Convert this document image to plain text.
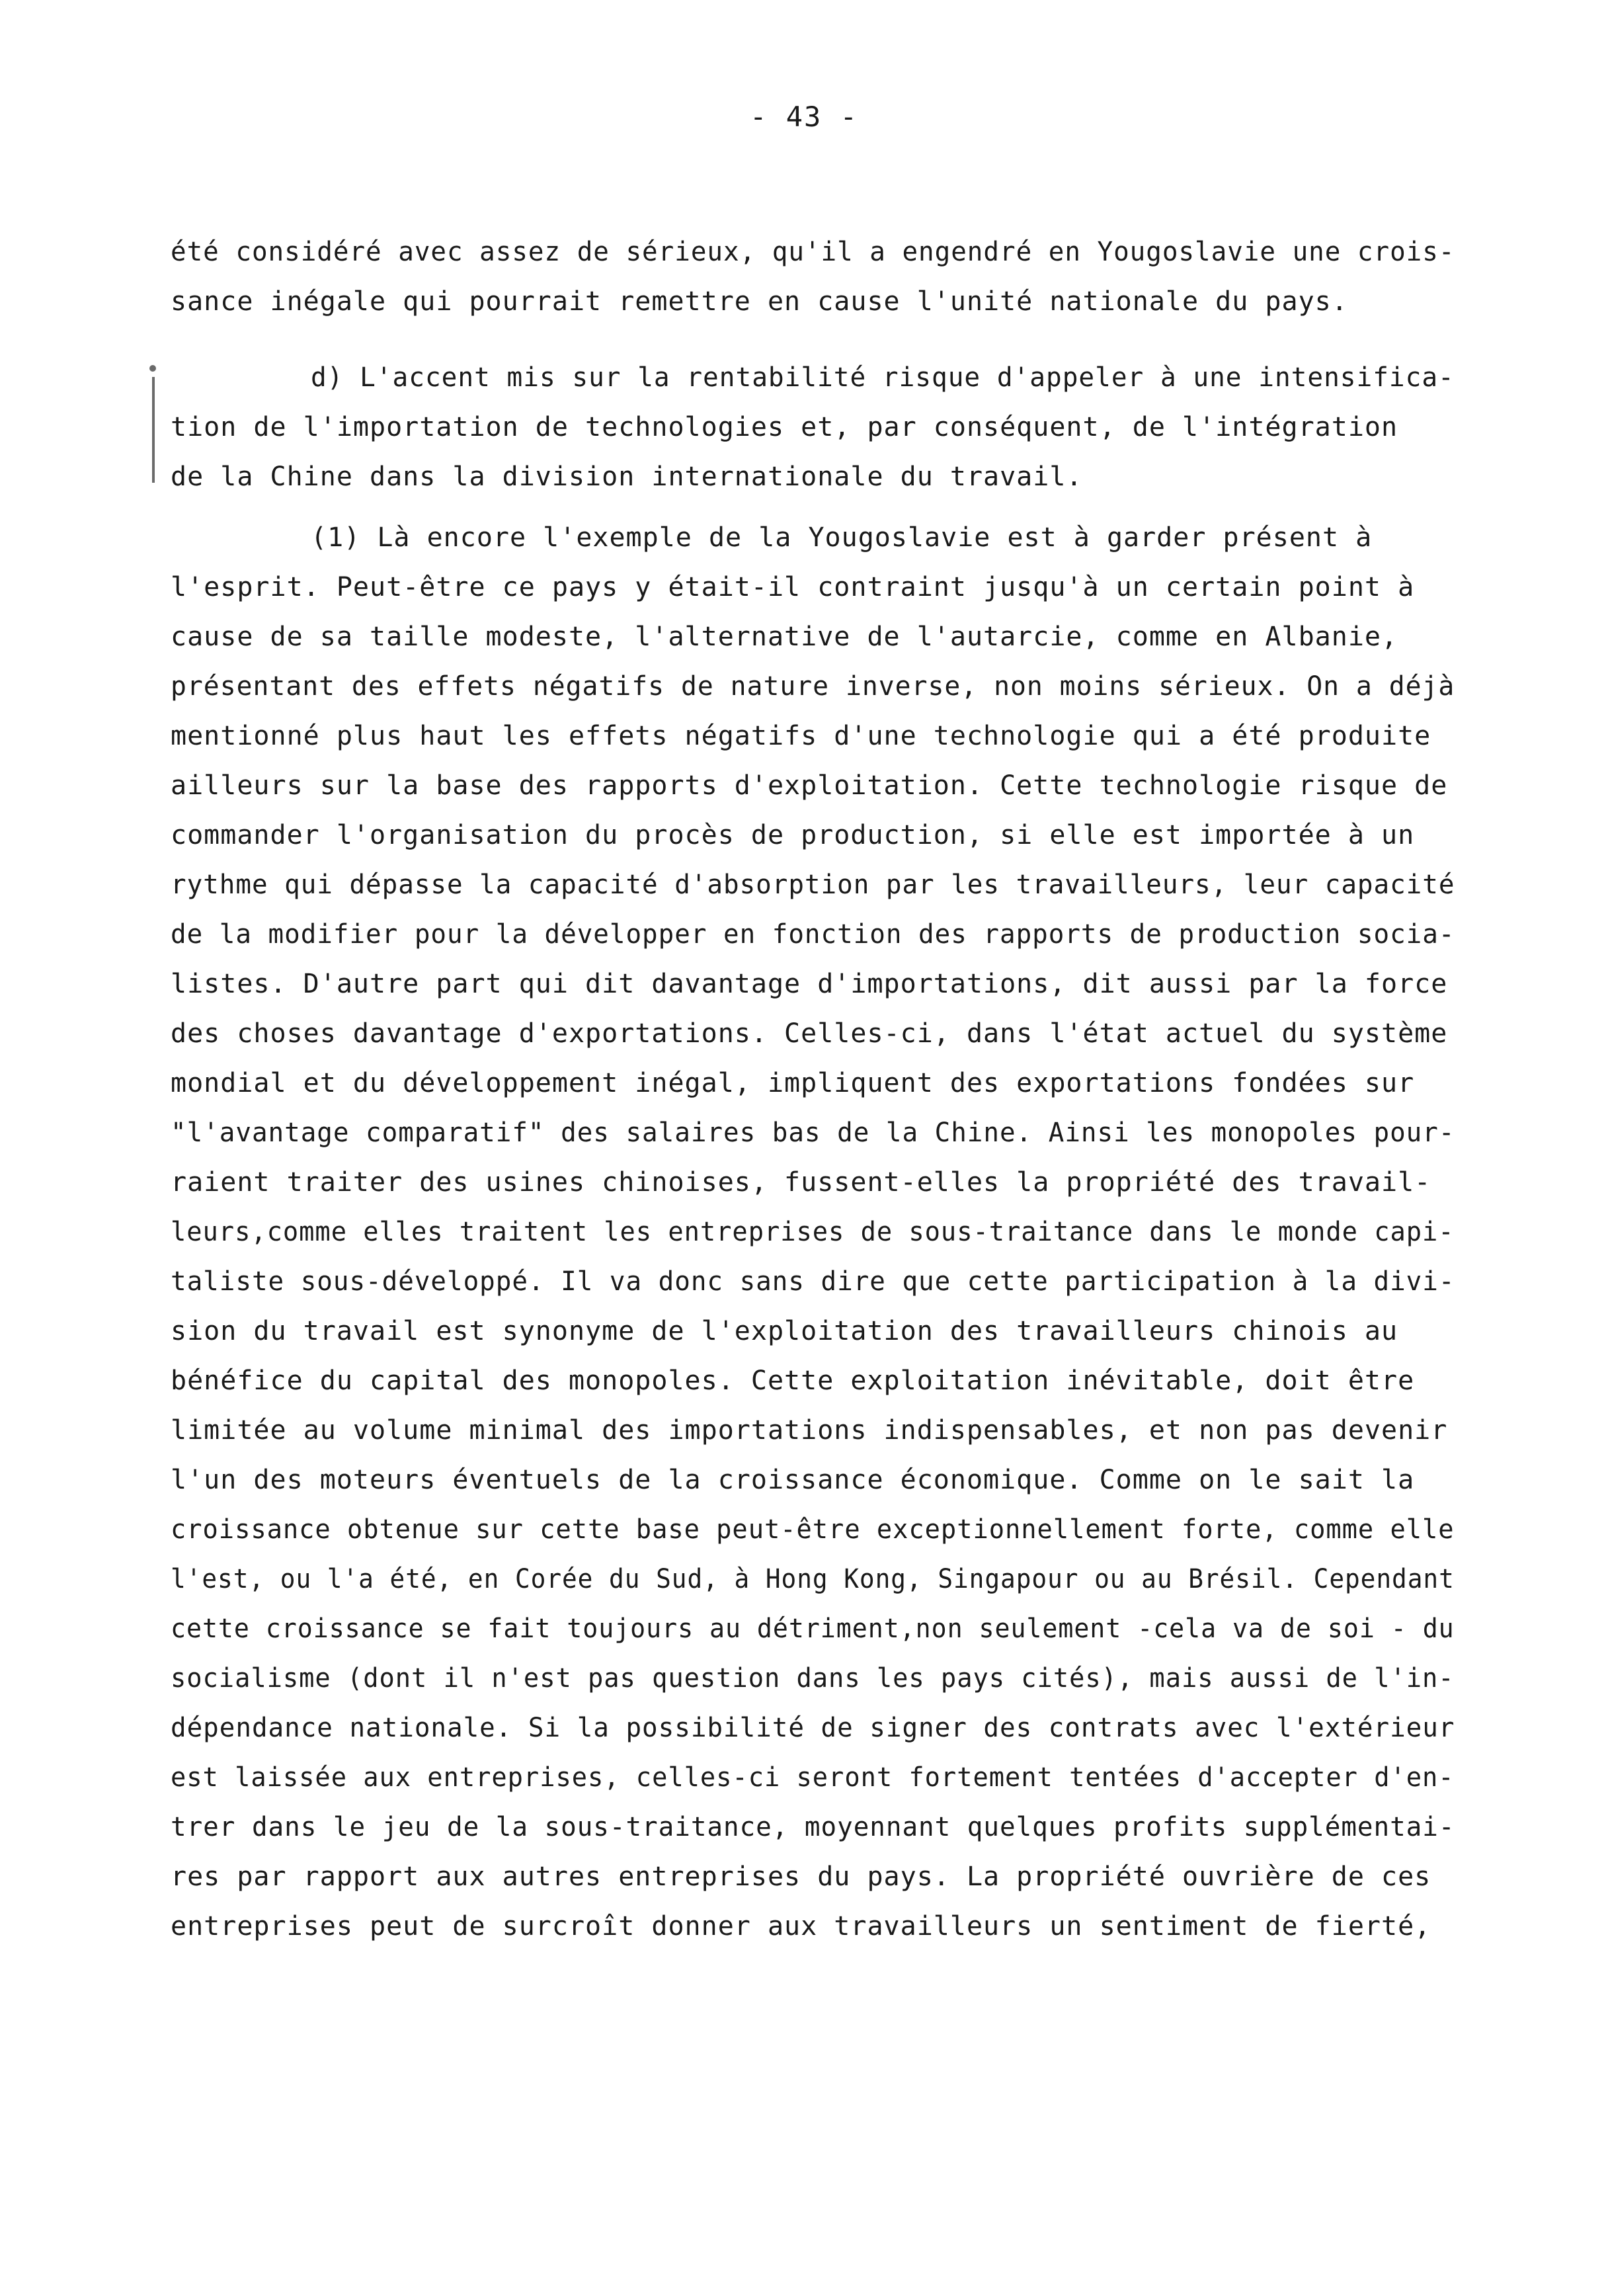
- 43 -
été considéré avec assez de sérieux, qu'il a engendré en Yougoslavie une crois-
sance inégale qui pourrait remettre en cause l'unité nationale du pays.
d) L'accent mis sur la rentabilité risque d'appeler à une intensifica-
tion de l'importation de technologies et, par conséquent, de l'intégration
de la Chine dans la division internationale du travail.
(1) Là encore l'exemple de la Yougoslavie est à garder présent à
l'esprit. Peut-être ce pays y était-il contraint jusqu'à un certain point à
cause de sa taille modeste, l'alternative de l'autarcie, comme en Albanie,
présentant des effets négatifs de nature inverse, non moins sérieux. On a déjà
mentionné plus haut les effets négatifs d'une technologie qui a été produite
ailleurs sur la base des rapports d'exploitation. Cette technologie risque de
commander l'organisation du procès de production, si elle est importée à un
rythme qui dépasse la capacité d'absorption par les travailleurs, leur capacité
de la modifier pour la développer en fonction des rapports de production socia-
listes. D'autre part qui dit davantage d'importations, dit aussi par la force
des choses davantage d'exportations. Celles-ci, dans l'état actuel du système
mondial et du développement inégal, impliquent des exportations fondées sur
"l'avantage comparatif" des salaires bas de la Chine. Ainsi les monopoles pour-
raient traiter des usines chinoises, fussent-elles la propriété des travail-
leurs,comme elles traitent les entreprises de sous-traitance dans le monde capi-
taliste sous-développé. Il va donc sans dire que cette participation à la divi-
sion du travail est synonyme de l'exploitation des travailleurs chinois au
bénéfice du capital des monopoles. Cette exploitation inévitable, doit être
limitée au volume minimal des importations indispensables, et non pas devenir
l'un des moteurs éventuels de la croissance économique. Comme on le sait la
croissance obtenue sur cette base peut-être exceptionnellement forte, comme elle
l'est, ou l'a été, en Corée du Sud, à Hong Kong, Singapour ou au Brésil. Cependant
cette croissance se fait toujours au détriment,non seulement -cela va de soi - du
socialisme (dont il n'est pas question dans les pays cités), mais aussi de l'in-
dépendance nationale. Si la possibilité de signer des contrats avec l'extérieur
est laissée aux entreprises, celles-ci seront fortement tentées d'accepter d'en-
trer dans le jeu de la sous-traitance, moyennant quelques profits supplémentai-
res par rapport aux autres entreprises du pays. La propriété ouvrière de ces
entreprises peut de surcroît donner aux travailleurs un sentiment de fierté,
